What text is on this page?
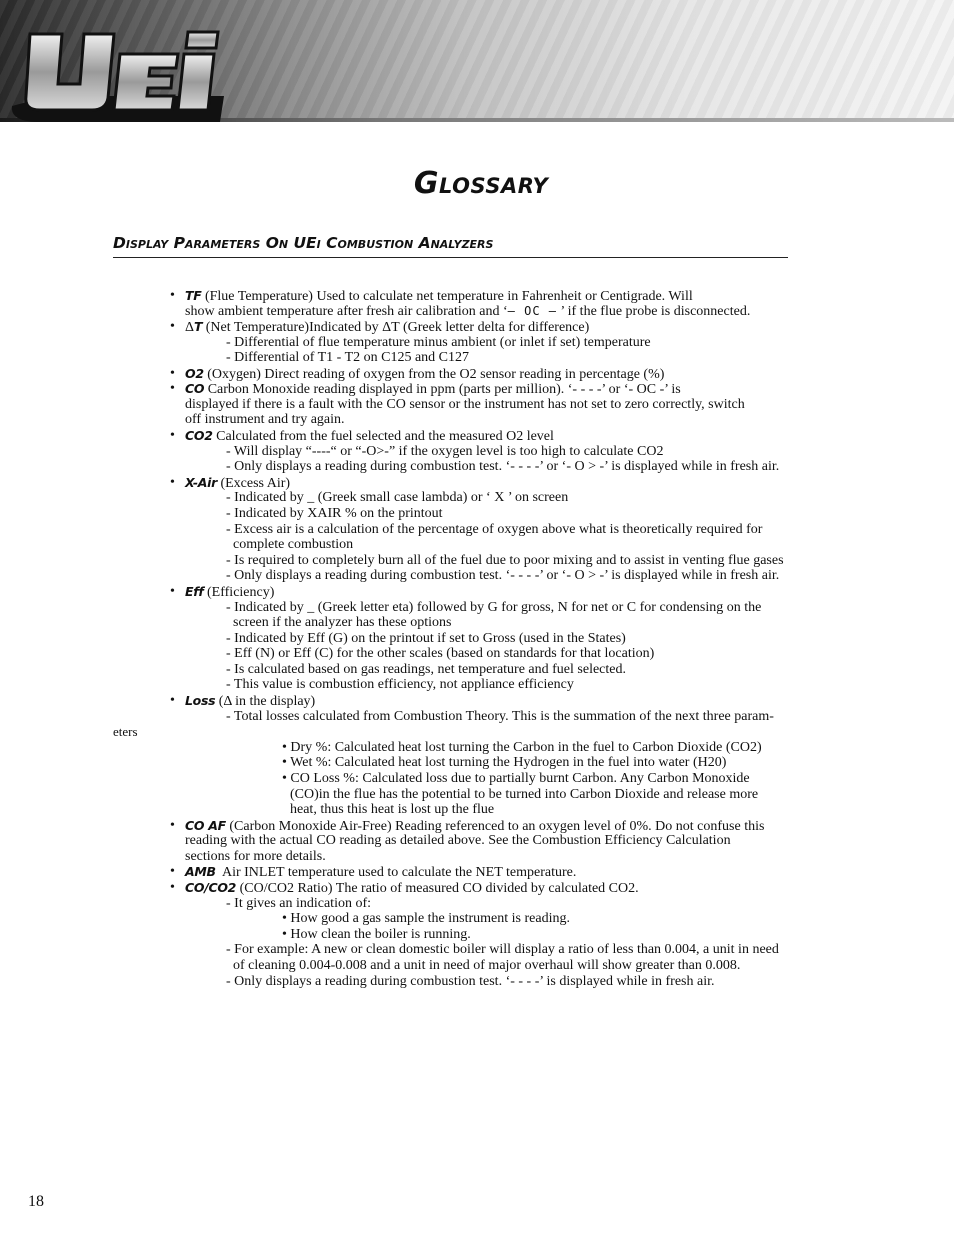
UEi
Glossary
Display Parameters On UEi Combustion Analyzers
• TF (Flue Temperature) Used to calculate net temperature in Fahrenheit or Centigrade. Will
show ambient temperature after fresh air calibration and ‘– OC – ’ if the flue probe is disconnected.
• ΔT (Net Temperature)Indicated by ΔT (Greek letter delta for difference)
- Differential of flue temperature minus ambient (or inlet if set) temperature
- Differential of T1 - T2 on C125 and C127
• O2 (Oxygen) Direct reading of oxygen from the O2 sensor reading in percentage (%)
• CO Carbon Monoxide reading displayed in ppm (parts per million). ‘- - - -’ or ‘- OC -’ is
displayed if there is a fault with the CO sensor or the instrument has not set to zero correctly, switch
off instrument and try again.
• CO2 Calculated from the fuel selected and the measured O2 level
- Will display “----“ or “-O>-” if the oxygen level is too high to calculate CO2
- Only displays a reading during combustion test. ‘- - - -’ or ‘- O > -’ is displayed while in fresh air.
• X-Air (Excess Air)
- Indicated by _ (Greek small case lambda) or ‘ X ’ on screen
- Indicated by XAIR % on the printout
- Excess air is a calculation of the percentage of oxygen above what is theoretically required for
complete combustion
- Is required to completely burn all of the fuel due to poor mixing and to assist in venting flue gases
- Only displays a reading during combustion test. ‘- - - -’ or ‘- O > -’ is displayed while in fresh air.
• Eff (Efficiency)
- Indicated by _ (Greek letter eta) followed by G for gross, N for net or C for condensing on the
screen if the analyzer has these options
- Indicated by Eff (G) on the printout if set to Gross (used in the States)
- Eff (N) or Eff (C) for the other scales (based on standards for that location)
- Is calculated based on gas readings, net temperature and fuel selected.
- This value is combustion efficiency, not appliance efficiency
• Loss (Δ in the display)
- Total losses calculated from Combustion Theory. This is the summation of the next three param-
eters
• Dry %: Calculated heat lost turning the Carbon in the fuel to Carbon Dioxide (CO2)
• Wet %: Calculated heat lost turning the Hydrogen in the fuel into water (H20)
• CO Loss %: Calculated loss due to partially burnt Carbon. Any Carbon Monoxide
(CO)in the flue has the potential to be turned into Carbon Dioxide and release more
heat, thus this heat is lost up the flue
• CO AF (Carbon Monoxide Air-Free) Reading referenced to an oxygen level of 0%. Do not confuse this
reading with the actual CO reading as detailed above. See the Combustion Efficiency Calculation
sections for more details.
• AMB  Air INLET temperature used to calculate the NET temperature.
• CO/CO2 (CO/CO2 Ratio) The ratio of measured CO divided by calculated CO2.
- It gives an indication of:
• How good a gas sample the instrument is reading.
• How clean the boiler is running.
- For example: A new or clean domestic boiler will display a ratio of less than 0.004, a unit in need
of cleaning 0.004-0.008 and a unit in need of major overhaul will show greater than 0.008.
- Only displays a reading during combustion test. ‘- - - -’ is displayed while in fresh air.
18
